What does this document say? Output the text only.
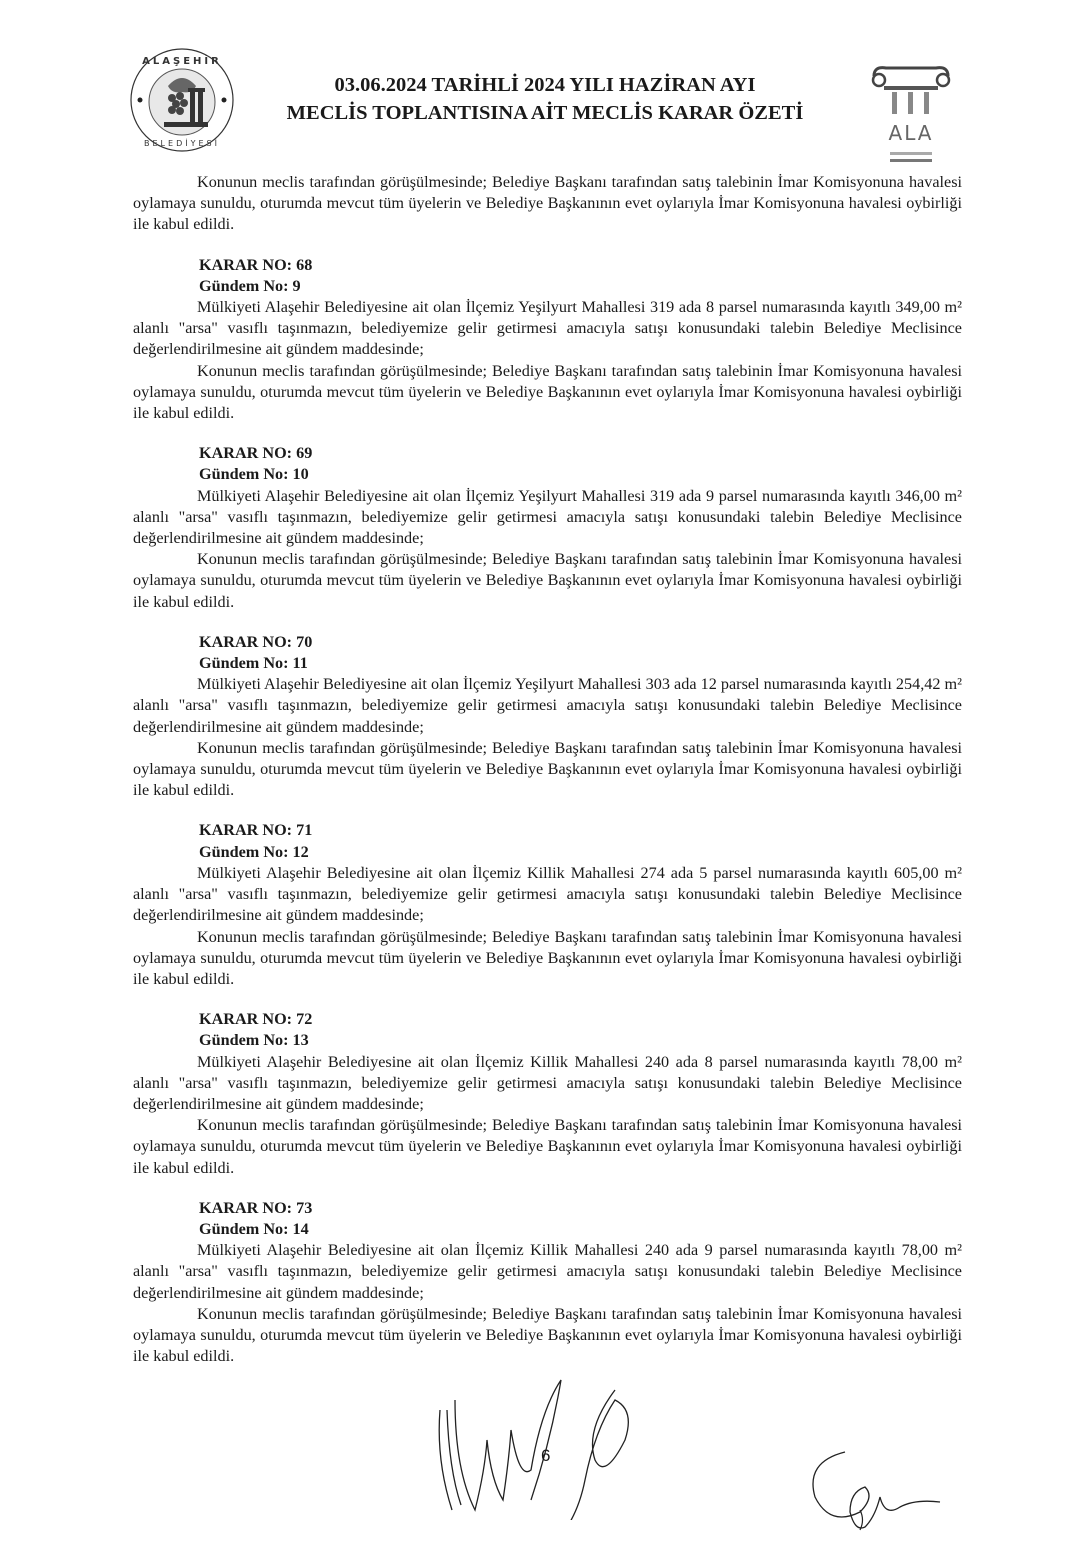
ALAŞEHİR
BELEDİYESİ
03.06.2024 TARİHLİ 2024 YILI HAZİRAN AYI
MECLİS TOPLANTISINA AİT MECLİS KARAR ÖZETİ
ALA

Konunun meclis tarafından görüşülmesinde; Belediye Başkanı tarafından satış talebinin İmar Komisyonuna havalesi oylamaya sunuldu, oturumda mevcut tüm üyelerin ve Belediye Başkanının evet oylarıyla İmar Komisyonuna havalesi oybirliği ile kabul edildi.

KARAR NO: 68
Gündem No: 9

Mülkiyeti Alaşehir Belediyesine ait olan İlçemiz Yeşilyurt Mahallesi 319 ada 8 parsel numarasında kayıtlı 349,00 m² alanlı "arsa" vasıflı taşınmazın, belediyemize gelir getirmesi amacıyla satışı konusundaki talebin Belediye Meclisince değerlendirilmesine ait gündem maddesinde;

Konunun meclis tarafından görüşülmesinde; Belediye Başkanı tarafından satış talebinin İmar Komisyonuna havalesi oylamaya sunuldu, oturumda mevcut tüm üyelerin ve Belediye Başkanının evet oylarıyla İmar Komisyonuna havalesi oybirliği ile kabul edildi.

KARAR NO: 69
Gündem No: 10

Mülkiyeti Alaşehir Belediyesine ait olan İlçemiz Yeşilyurt Mahallesi 319 ada 9 parsel numarasında kayıtlı 346,00 m² alanlı "arsa" vasıflı taşınmazın, belediyemize gelir getirmesi amacıyla satışı konusundaki talebin Belediye Meclisince değerlendirilmesine ait gündem maddesinde;

Konunun meclis tarafından görüşülmesinde; Belediye Başkanı tarafından satış talebinin İmar Komisyonuna havalesi oylamaya sunuldu, oturumda mevcut tüm üyelerin ve Belediye Başkanının evet oylarıyla İmar Komisyonuna havalesi oybirliği ile kabul edildi.

KARAR NO: 70
Gündem No: 11

Mülkiyeti Alaşehir Belediyesine ait olan İlçemiz Yeşilyurt Mahallesi 303 ada 12 parsel numarasında kayıtlı 254,42 m² alanlı "arsa" vasıflı taşınmazın, belediyemize gelir getirmesi amacıyla satışı konusundaki talebin Belediye Meclisince değerlendirilmesine ait gündem maddesinde;

Konunun meclis tarafından görüşülmesinde; Belediye Başkanı tarafından satış talebinin İmar Komisyonuna havalesi oylamaya sunuldu, oturumda mevcut tüm üyelerin ve Belediye Başkanının evet oylarıyla İmar Komisyonuna havalesi oybirliği ile kabul edildi.

KARAR NO: 71
Gündem No: 12

Mülkiyeti Alaşehir Belediyesine ait olan İlçemiz Killik Mahallesi 274 ada 5 parsel numarasında kayıtlı 605,00 m² alanlı "arsa" vasıflı taşınmazın, belediyemize gelir getirmesi amacıyla satışı konusundaki talebin Belediye Meclisince değerlendirilmesine ait gündem maddesinde;

Konunun meclis tarafından görüşülmesinde; Belediye Başkanı tarafından satış talebinin İmar Komisyonuna havalesi oylamaya sunuldu, oturumda mevcut tüm üyelerin ve Belediye Başkanının evet oylarıyla İmar Komisyonuna havalesi oybirliği ile kabul edildi.

KARAR NO: 72
Gündem No: 13

Mülkiyeti Alaşehir Belediyesine ait olan İlçemiz Killik Mahallesi 240 ada 8 parsel numarasında kayıtlı 78,00 m² alanlı "arsa" vasıflı taşınmazın, belediyemize gelir getirmesi amacıyla satışı konusundaki talebin Belediye Meclisince değerlendirilmesine ait gündem maddesinde;

Konunun meclis tarafından görüşülmesinde; Belediye Başkanı tarafından satış talebinin İmar Komisyonuna havalesi oylamaya sunuldu, oturumda mevcut tüm üyelerin ve Belediye Başkanının evet oylarıyla İmar Komisyonuna havalesi oybirliği ile kabul edildi.

KARAR NO: 73
Gündem No: 14

Mülkiyeti Alaşehir Belediyesine ait olan İlçemiz Killik Mahallesi 240 ada 9 parsel numarasında kayıtlı 78,00 m² alanlı "arsa" vasıflı taşınmazın, belediyemize gelir getirmesi amacıyla satışı konusundaki talebin Belediye Meclisince değerlendirilmesine ait gündem maddesinde;

Konunun meclis tarafından görüşülmesinde; Belediye Başkanı tarafından satış talebinin İmar Komisyonuna havalesi oylamaya sunuldu, oturumda mevcut tüm üyelerin ve Belediye Başkanının evet oylarıyla İmar Komisyonuna havalesi oybirliği ile kabul edildi.

6
